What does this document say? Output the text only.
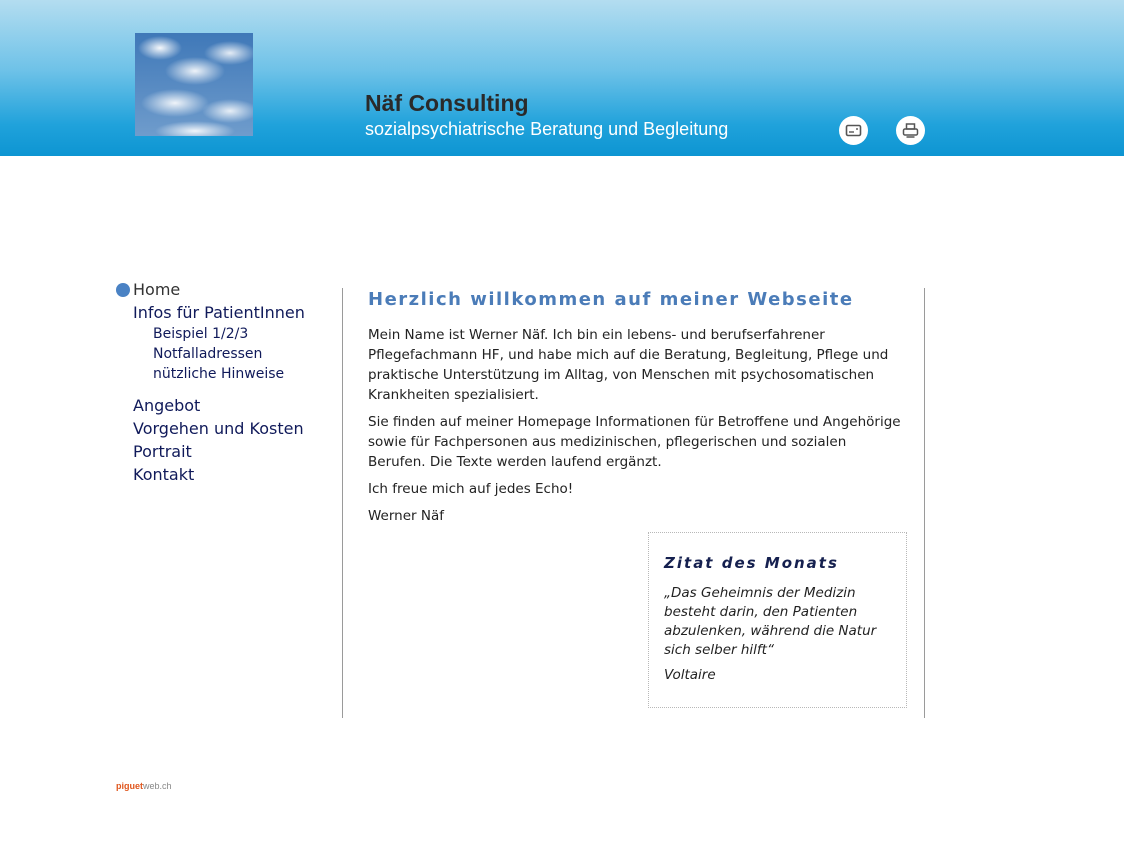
Näf Consulting

sozialpsychiatrische Beratung und Begleitung

Home
Infos für PatientInnen
Beispiel 1/2/3
Notfalladressen
nützliche Hinweise
Angebot
Vorgehen und Kosten
Portrait
Kontakt
Herzlich willkommen auf meiner Webseite

Mein Name ist Werner Näf. Ich bin ein lebens- und berufserfahrener Pflegefachmann HF, und habe mich auf die Beratung, Begleitung, Pflege und praktische Unterstützung im Alltag, von Menschen mit psychosomatischen Krankheiten spezialisiert.

Sie finden auf meiner Homepage Informationen für Betroffene und Angehörige sowie für Fachpersonen aus medizinischen, pflegerischen und sozialen Berufen. Die Texte werden laufend ergänzt.

Ich freue mich auf jedes Echo!

Werner Näf

Zitat des Monats

„Das Geheimnis der Medizin besteht darin, den Patienten abzulenken, während die Natur sich selber hilft“

Voltaire

piguetweb.ch
